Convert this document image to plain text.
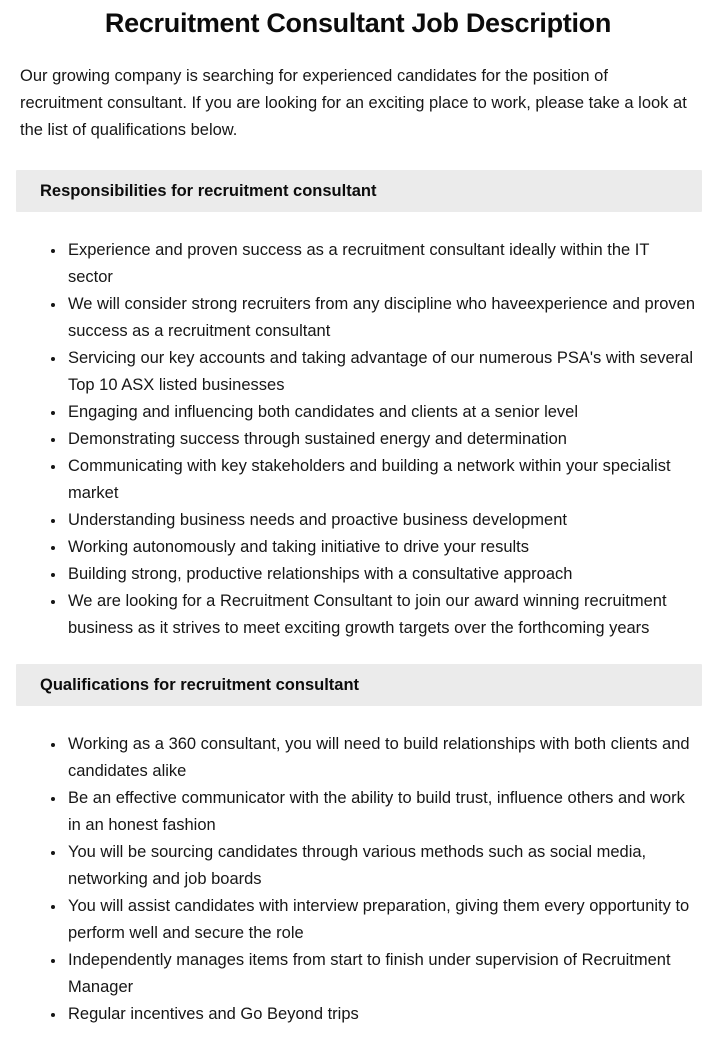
Recruitment Consultant Job Description

Our growing company is searching for experienced candidates for the position of recruitment consultant. If you are looking for an exciting place to work, please take a look at the list of qualifications below.

Responsibilities for recruitment consultant
• Experience and proven success as a recruitment consultant ideally within the IT sector
• We will consider strong recruiters from any discipline who haveexperience and proven success as a recruitment consultant
• Servicing our key accounts and taking advantage of our numerous PSA's with several Top 10 ASX listed businesses
• Engaging and influencing both candidates and clients at a senior level
• Demonstrating success through sustained energy and determination
• Communicating with key stakeholders and building a network within your specialist market
• Understanding business needs and proactive business development
• Working autonomously and taking initiative to drive your results
• Building strong, productive relationships with a consultative approach
• We are looking for a Recruitment Consultant to join our award winning recruitment business as it strives to meet exciting growth targets over the forthcoming years
Qualifications for recruitment consultant
• Working as a 360 consultant, you will need to build relationships with both clients and candidates alike
• Be an effective communicator with the ability to build trust, influence others and work in an honest fashion
• You will be sourcing candidates through various methods such as social media, networking and job boards
• You will assist candidates with interview preparation, giving them every opportunity to perform well and secure the role
• Independently manages items from start to finish under supervision of Recruitment Manager
• Regular incentives and Go Beyond trips
